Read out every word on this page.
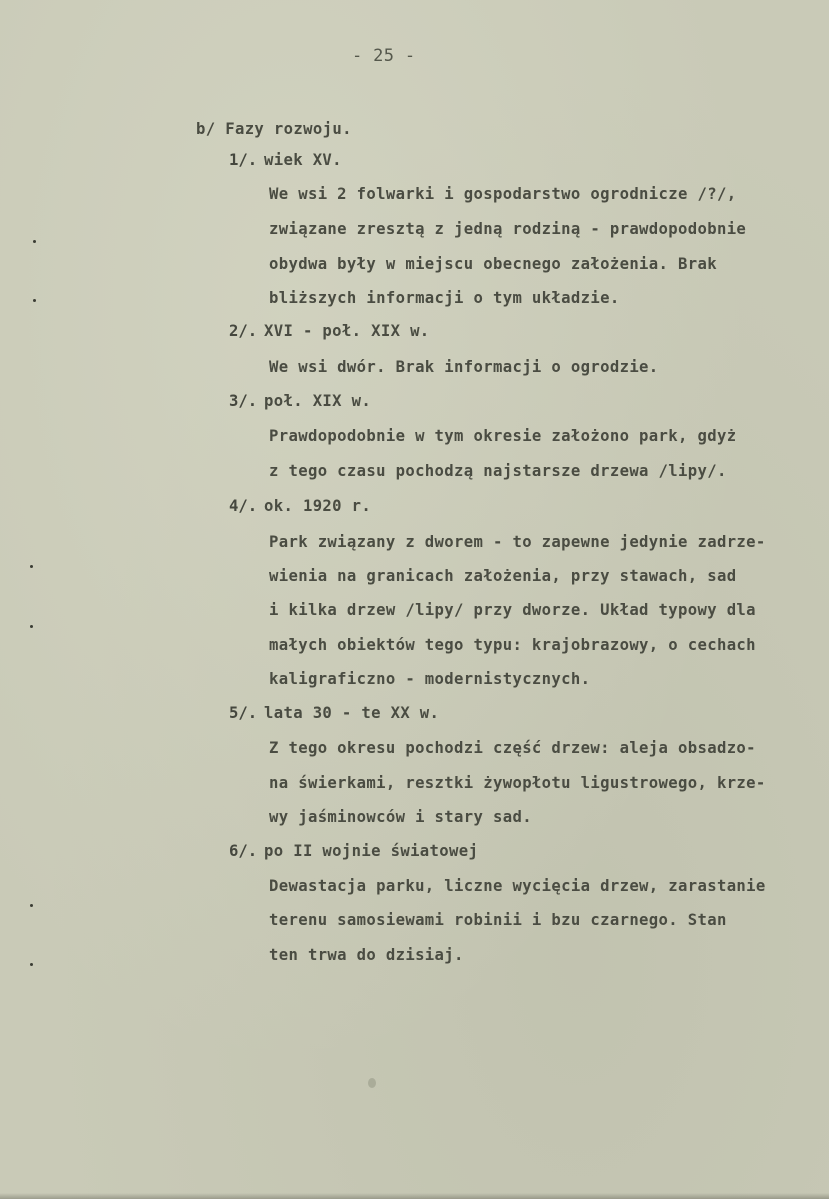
- 25 -
b/ Fazy rozwoju.
1/. wiek XV.
We wsi 2 folwarki i gospodarstwo ogrodnicze /?/,
związane zresztą z jedną rodziną - prawdopodobnie
obydwa były w miejscu obecnego założenia. Brak
bliższych informacji o tym układzie.
2/. XVI - poł. XIX w.
We wsi dwór. Brak informacji o ogrodzie.
3/. poł. XIX w.
Prawdopodobnie w tym okresie założono park, gdyż
z tego czasu pochodzą najstarsze drzewa /lipy/.
4/. ok. 1920 r.
Park związany z dworem - to zapewne jedynie zadrze-
wienia na granicach założenia, przy stawach, sad
i kilka drzew /lipy/ przy dworze. Układ typowy dla
małych obiektów tego typu: krajobrazowy, o cechach
kaligraficzno - modernistycznych.
5/. lata 30 - te XX w.
Z tego okresu pochodzi część drzew: aleja obsadzo-
na świerkami, resztki żywopłotu ligustrowego, krze-
wy jaśminowców i stary sad.
6/. po II wojnie światowej
Dewastacja parku, liczne wycięcia drzew, zarastanie
terenu samosiewami robinii i bzu czarnego. Stan
ten trwa do dzisiaj.
